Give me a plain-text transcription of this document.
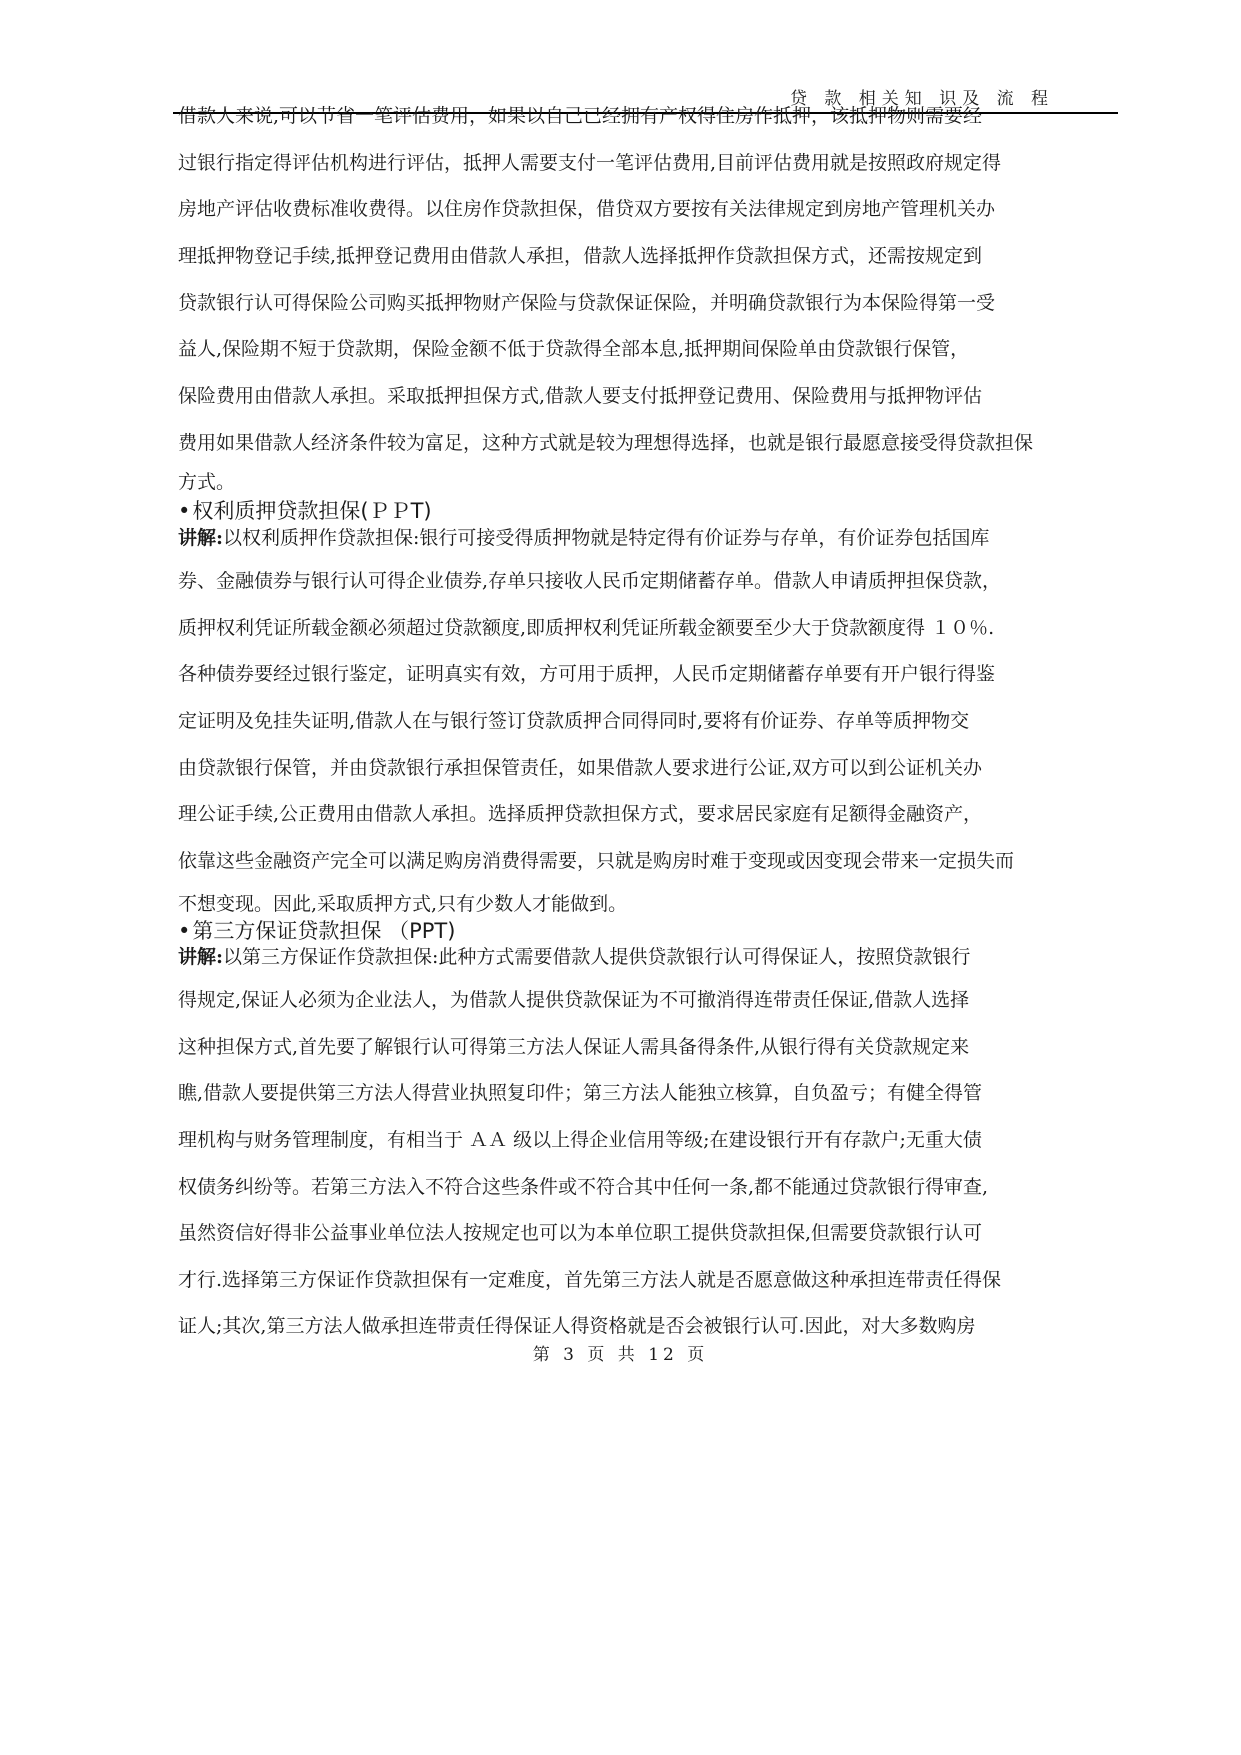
贷 款 相关知 识及 流 程
借款人来说,可以节省一笔评估费用，如果以自己已经拥有产权得住房作抵押，该抵押物则需要经
过银行指定得评估机构进行评估，抵押人需要支付一笔评估费用,目前评估费用就是按照政府规定得
房地产评估收费标准收费得。以住房作贷款担保，借贷双方要按有关法律规定到房地产管理机关办
理抵押物登记手续,抵押登记费用由借款人承担，借款人选择抵押作贷款担保方式，还需按规定到
贷款银行认可得保险公司购买抵押物财产保险与贷款保证保险，并明确贷款银行为本保险得第一受
益人,保险期不短于贷款期，保险金额不低于贷款得全部本息,抵押期间保险单由贷款银行保管，
保险费用由借款人承担。采取抵押担保方式,借款人要支付抵押登记费用、保险费用与抵押物评估
费用如果借款人经济条件较为富足，这种方式就是较为理想得选择，也就是银行最愿意接受得贷款担保
方式。
•权利质押贷款担保(ＰＰT)
讲解:以权利质押作贷款担保:银行可接受得质押物就是特定得有价证券与存单，有价证券包括国库
券、金融债券与银行认可得企业债券,存单只接收人民币定期储蓄存单。借款人申请质押担保贷款，
质押权利凭证所载金额必须超过贷款额度,即质押权利凭证所载金额要至少大于贷款额度得 １０％.
各种债券要经过银行鉴定，证明真实有效，方可用于质押，人民币定期储蓄存单要有开户银行得鉴
定证明及免挂失证明,借款人在与银行签订贷款质押合同得同时,要将有价证券、存单等质押物交
由贷款银行保管，并由贷款银行承担保管责任，如果借款人要求进行公证,双方可以到公证机关办
理公证手续,公正费用由借款人承担。选择质押贷款担保方式，要求居民家庭有足额得金融资产，
依靠这些金融资产完全可以满足购房消费得需要，只就是购房时难于变现或因变现会带来一定损失而
不想变现。因此,采取质押方式,只有少数人才能做到。
•第三方保证贷款担保 （PPT)
讲解:以第三方保证作贷款担保:此种方式需要借款人提供贷款银行认可得保证人，按照贷款银行
得规定,保证人必须为企业法人，为借款人提供贷款保证为不可撤消得连带责任保证,借款人选择
这种担保方式,首先要了解银行认可得第三方法人保证人需具备得条件,从银行得有关贷款规定来
瞧,借款人要提供第三方法人得营业执照复印件；第三方法人能独立核算，自负盈亏；有健全得管
理机构与财务管理制度，有相当于 ＡＡ 级以上得企业信用等级;在建设银行开有存款户;无重大债
权债务纠纷等。若第三方法入不符合这些条件或不符合其中任何一条,都不能通过贷款银行得审查,
虽然资信好得非公益事业单位法人按规定也可以为本单位职工提供贷款担保,但需要贷款银行认可
才行.选择第三方保证作贷款担保有一定难度，首先第三方法人就是否愿意做这种承担连带责任得保
证人;其次,第三方法人做承担连带责任得保证人得资格就是否会被银行认可.因此，对大多数购房
第 3 页 共 12 页
